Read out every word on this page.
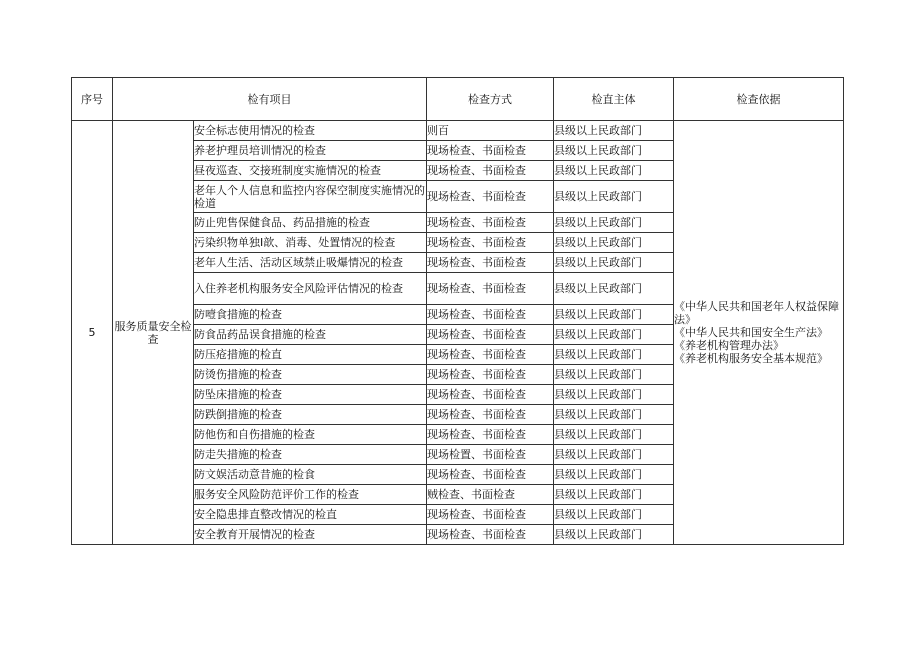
序号	检有项目		检查方式	检直主体	检查依据
5	服务质量安全检查	安全标志使用情况的检查	则百	县级以上民政部门	《中华人民共和国老年人权益保障法》
《中华人民共和国安全生产法》
《养老机构管理办法》
《养老机构服务安全基本规范》

		养老护理员培训情况的检查	现场检查、书面检查	县级以上民政部门	
		昼夜巡查、交接班制度实施情况的检查	现场检查、书面检查	县级以上民政部门	
		老年人个人信息和监控内容保空制度实施情况的检道	现场检查、书面检查	县级以上民政部门	
		防止兜售保健食品、药品措施的检查	现场检查、书面检查	县级以上民政部门	
		污染织物单独I歆、消毒、处置情况的检查	现场检查、书面检查	县级以上民政部门	
		老年人生活、活动区域禁止吸爆情况的检查	现场检查、书面检查	县级以上民政部门	
		入住养老机构服务安全风险评估情况的检查	现场检查、书面检查	县级以上民政部门	
		防噎食措施的检查	现场检查、书面检查	县级以上民政部门	
		防食品药品误食措施的检查	现场检查、书面检查	县级以上民政部门	
		防压疮措施的检直	现场检查、书面检查	县级以上民政部门	
		防烫伤措施的检查	现场检查、书面检查	县级以上民政部门	
		防坠床措施的检查	现场检查、书面检查	县级以上民政部门	
		防跌倒措施的检查	现场检查、书面检查	县级以上民政部门	
		防他伤和自伤措施的检查	现场检查、书面检查	县级以上民政部门	
		防走失措施的检查	现场检置、书面检查	县级以上民政部门	
		防文娱活动意昔施的检食	现场检查、书面检查	县级以上民政部门	
		服务安全风险防范评价工作的检查	贼检查、书面检查	县级以上民政部门	
		安全隐患排直整改情况的检直	现场检查、书面检查	县级以上民政部门	
		安全教育开展情况的检查	现场检查、书面检查	县级以上民政部门	
